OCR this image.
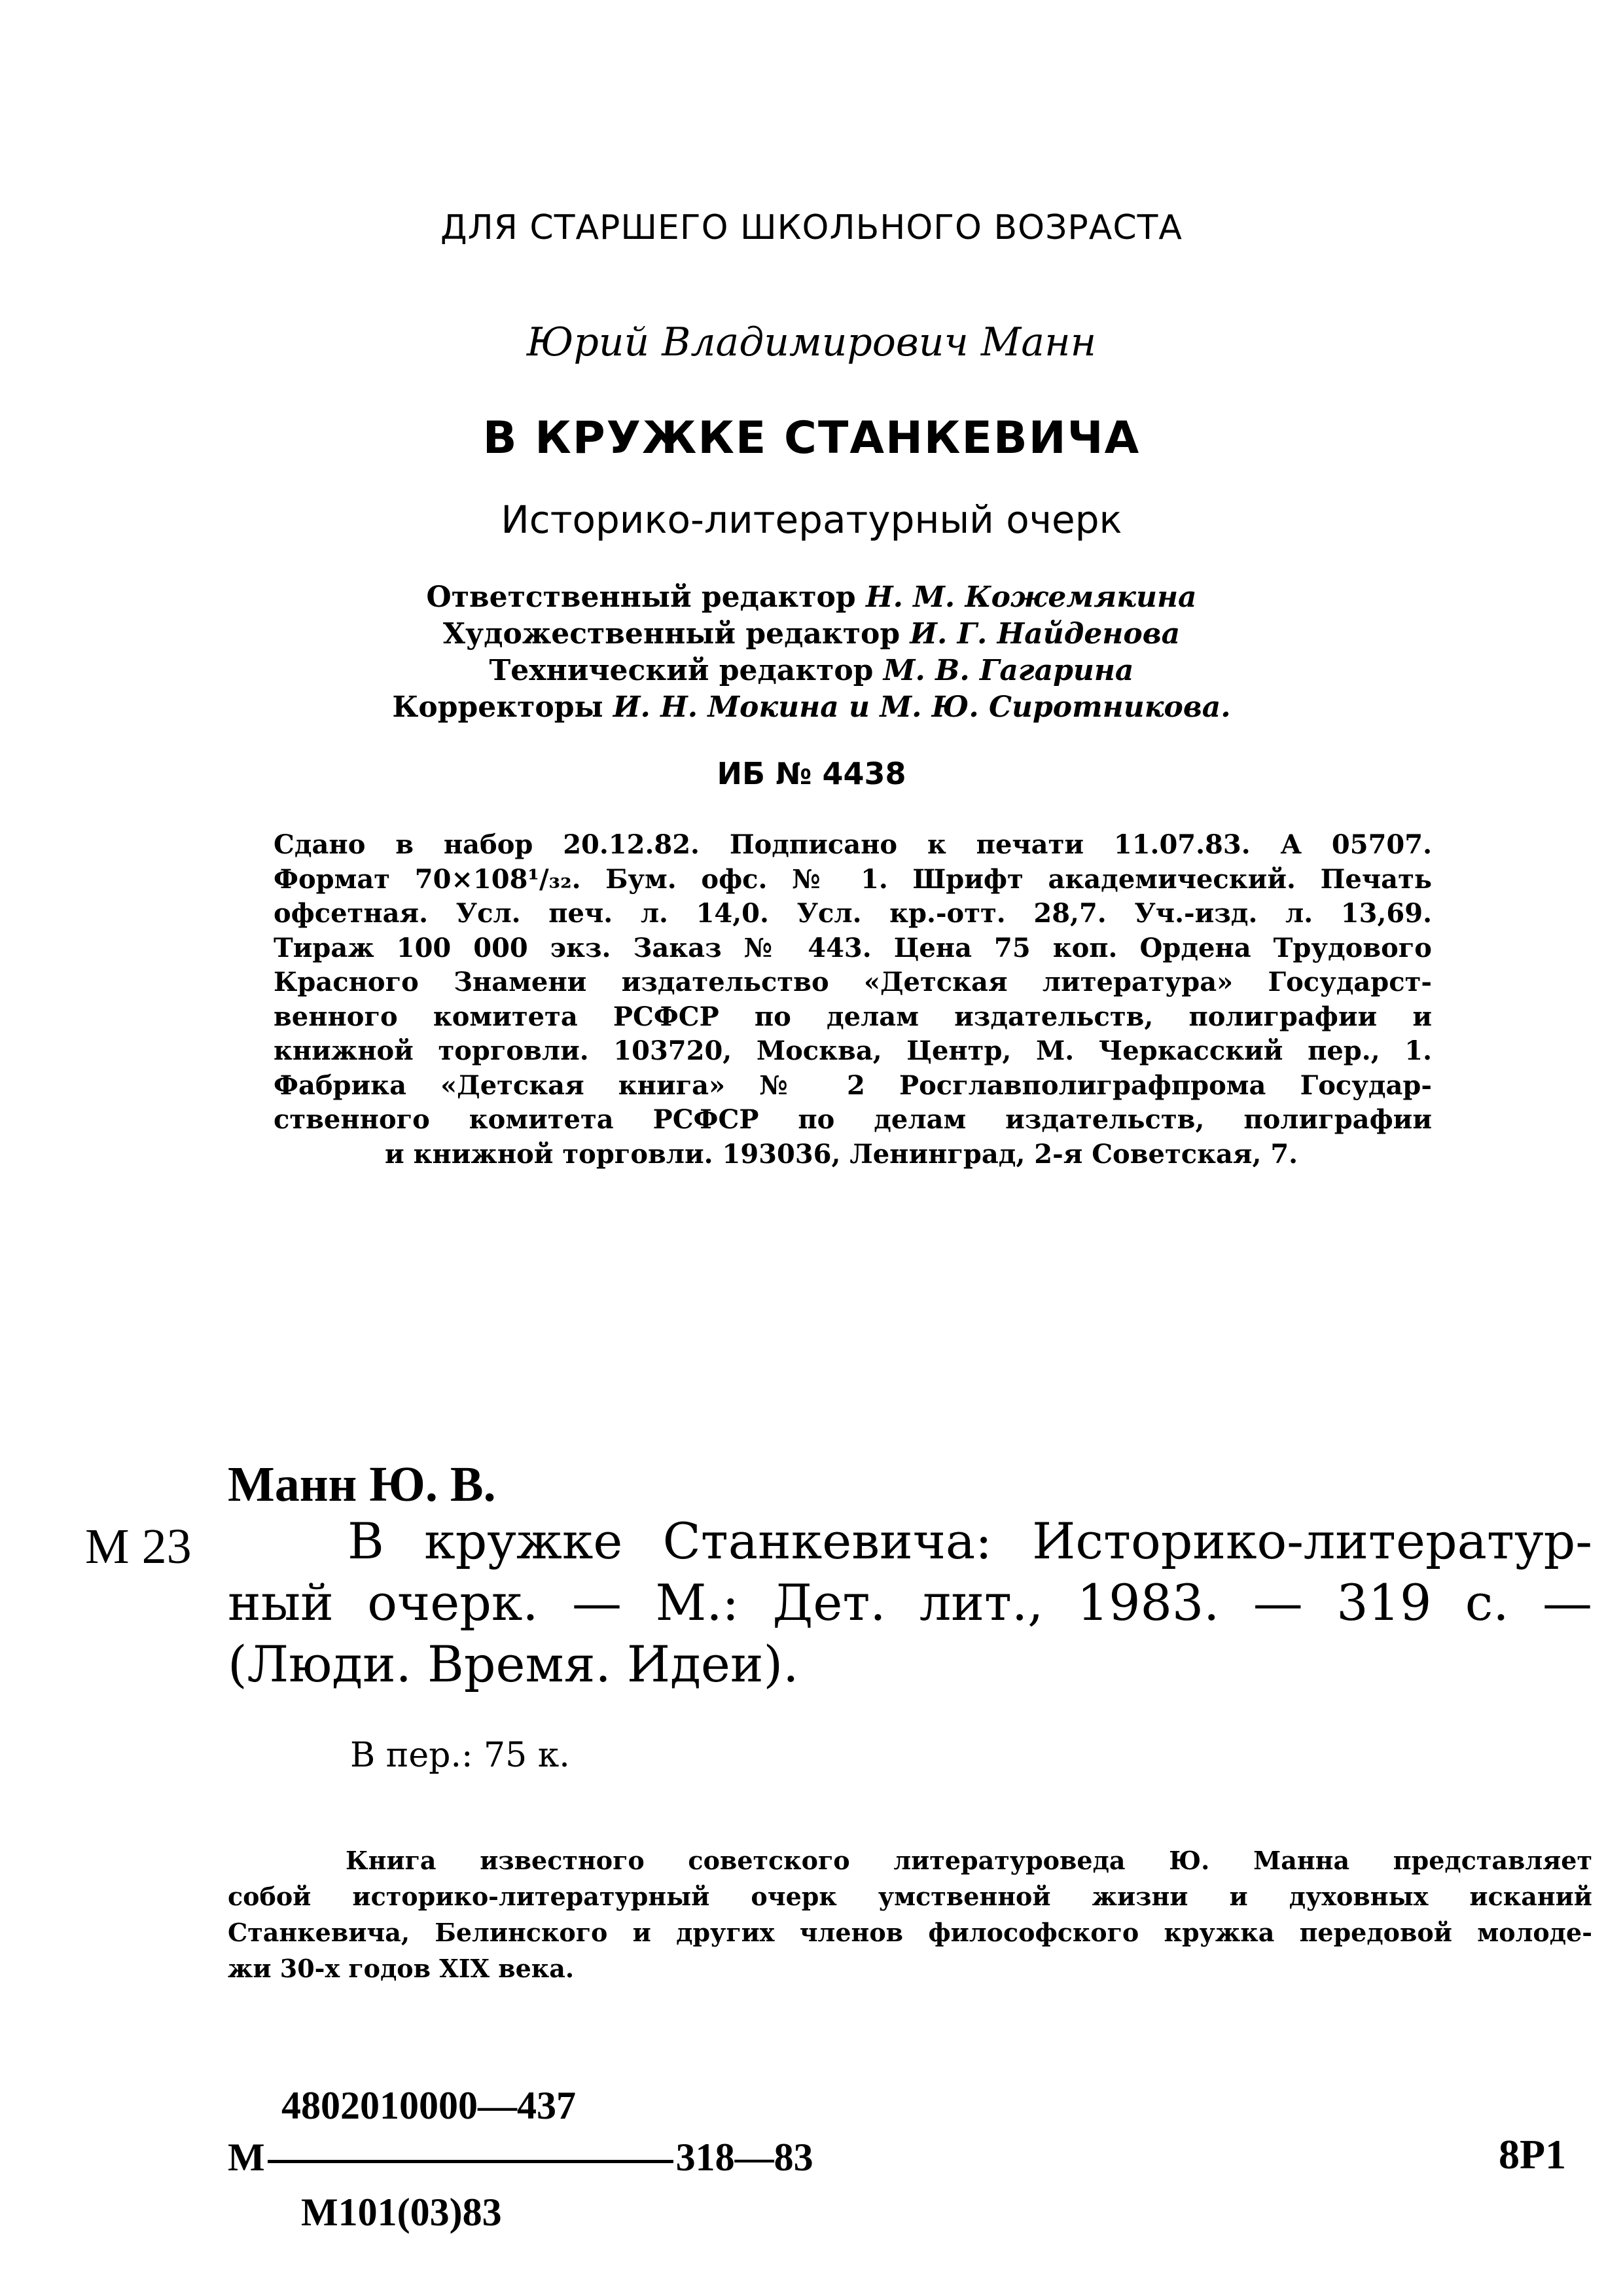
ДЛЯ СТАРШЕГО ШКОЛЬНОГО ВОЗРАСТА
Юрий Владимирович Манн
В КРУЖКЕ СТАНКЕВИЧА
Историко-литературный очерк
Ответственный редактор Н. М. Кожемякина
Художественный редактор И. Г. Найденова
Технический редактор М. В. Гагарина
Корректоры И. Н. Мокина и М. Ю. Сиротникова.
ИБ № 4438
Сдано в набор 20.12.82. Подписано к печати 11.07.83. А 05707.
Формат 70×108¹/₃₂. Бум. офс. № 1. Шрифт академический. Печать
офсетная. Усл. печ. л. 14,0. Усл. кр.-отт. 28,7. Уч.-изд. л. 13,69.
Тираж 100 000 экз. Заказ № 443. Цена 75 коп. Ордена Трудового
Красного Знамени издательство «Детская литература» Государст-
венного комитета РСФСР по делам издательств, полиграфии и
книжной торговли. 103720, Москва, Центр, М. Черкасский пер., 1.
Фабрика «Детская книга» № 2 Росглавполиграфпрома Государ-
ственного комитета РСФСР по делам издательств, полиграфии
и книжной торговли. 193036, Ленинград, 2-я Советская, 7.
Манн Ю. В.
М 23	В кружке Станкевича: Историко-литератур-
ный очерк. — М.: Дет. лит., 1983. — 319 с. —
(Люди. Время. Идеи).
В пер.: 75 к.
Книга известного советского литературоведа Ю. Манна представляет
собой историко-литературный очерк умственной жизни и духовных исканий
Станкевича, Белинского и других членов философского кружка передовой молоде-
жи 30-х годов XIX века.
4802010000—437
М	318—83
М101(03)83
8Р1
